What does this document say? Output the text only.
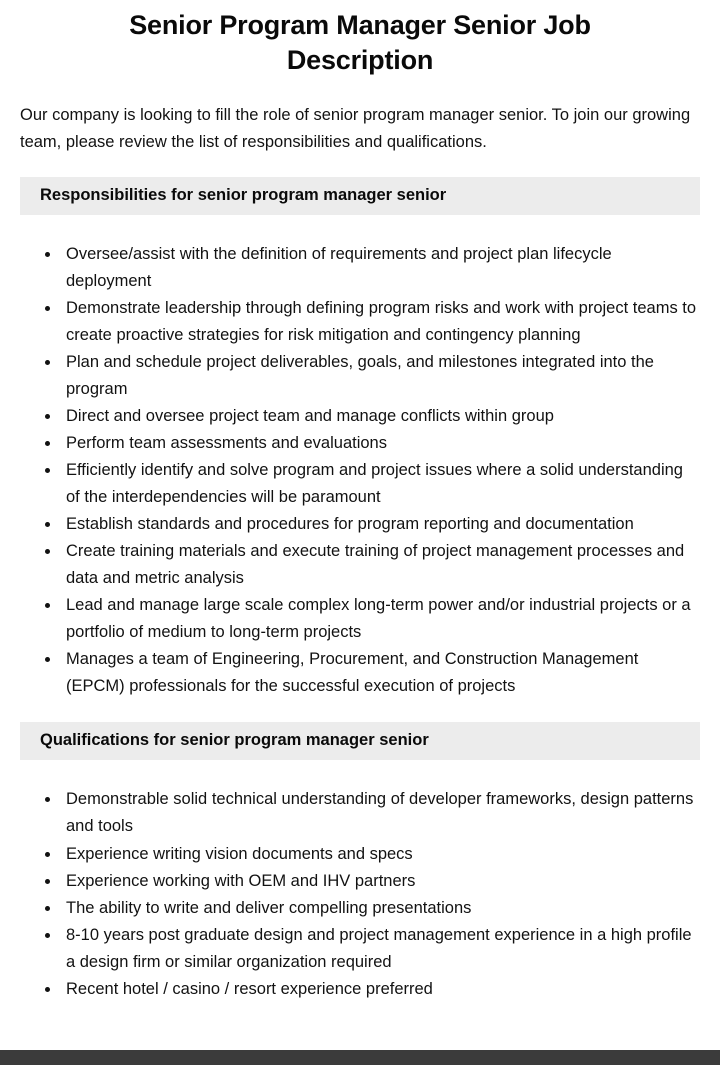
Senior Program Manager Senior Job Description

Our company is looking to fill the role of senior program manager senior. To join our growing team, please review the list of responsibilities and qualifications.

Responsibilities for senior program manager senior
• Oversee/assist with the definition of requirements and project plan lifecycle deployment
• Demonstrate leadership through defining program risks and work with project teams to create proactive strategies for risk mitigation and contingency planning
• Plan and schedule project deliverables, goals, and milestones integrated into the program
• Direct and oversee project team and manage conflicts within group
• Perform team assessments and evaluations
• Efficiently identify and solve program and project issues where a solid understanding of the interdependencies will be paramount
• Establish standards and procedures for program reporting and documentation
• Create training materials and execute training of project management processes and data and metric analysis
• Lead and manage large scale complex long-term power and/or industrial projects or a portfolio of medium to long-term projects
• Manages a team of Engineering, Procurement, and Construction Management (EPCM) professionals for the successful execution of projects
Qualifications for senior program manager senior
• Demonstrable solid technical understanding of developer frameworks, design patterns and tools
• Experience writing vision documents and specs
• Experience working with OEM and IHV partners
• The ability to write and deliver compelling presentations
• 8-10 years post graduate design and project management experience in a high profile a design firm or similar organization required
• Recent hotel / casino / resort experience preferred
